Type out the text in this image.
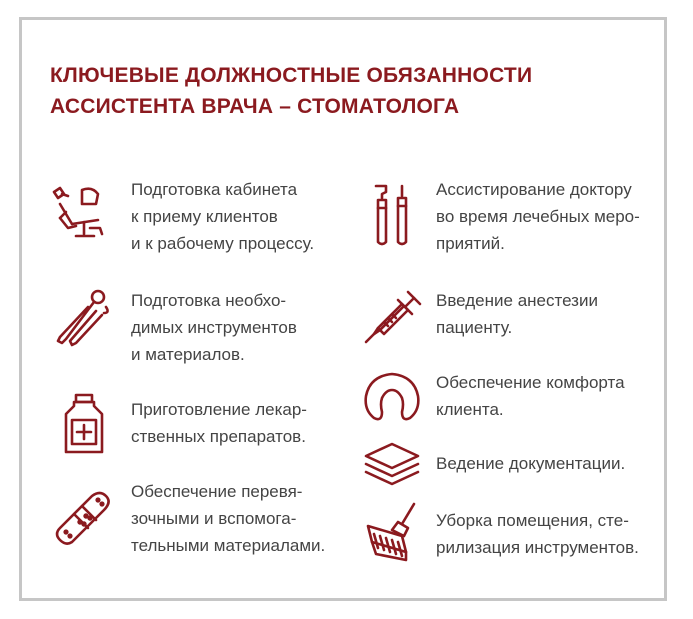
КЛЮЧЕВЫЕ ДОЛЖНОСТНЫЕ ОБЯЗАННОСТИ
АССИСТЕНТА ВРАЧА – СТОМАТОЛОГА
Подготовка кабинета
к приему клиентов
и к рабочему процессу.
Подготовка необхо-
димых инструментов
и материалов.
Приготовление лекар-
ственных препаратов.
Обеспечение перевя-
зочными и вспомога-
тельными материалами.
Ассистирование доктору
во время лечебных меро-
приятий.
Введение анестезии
пациенту.
Обеспечение комфорта
клиента.
Ведение документации.
Уборка помещения, сте-
рилизация инструментов.
